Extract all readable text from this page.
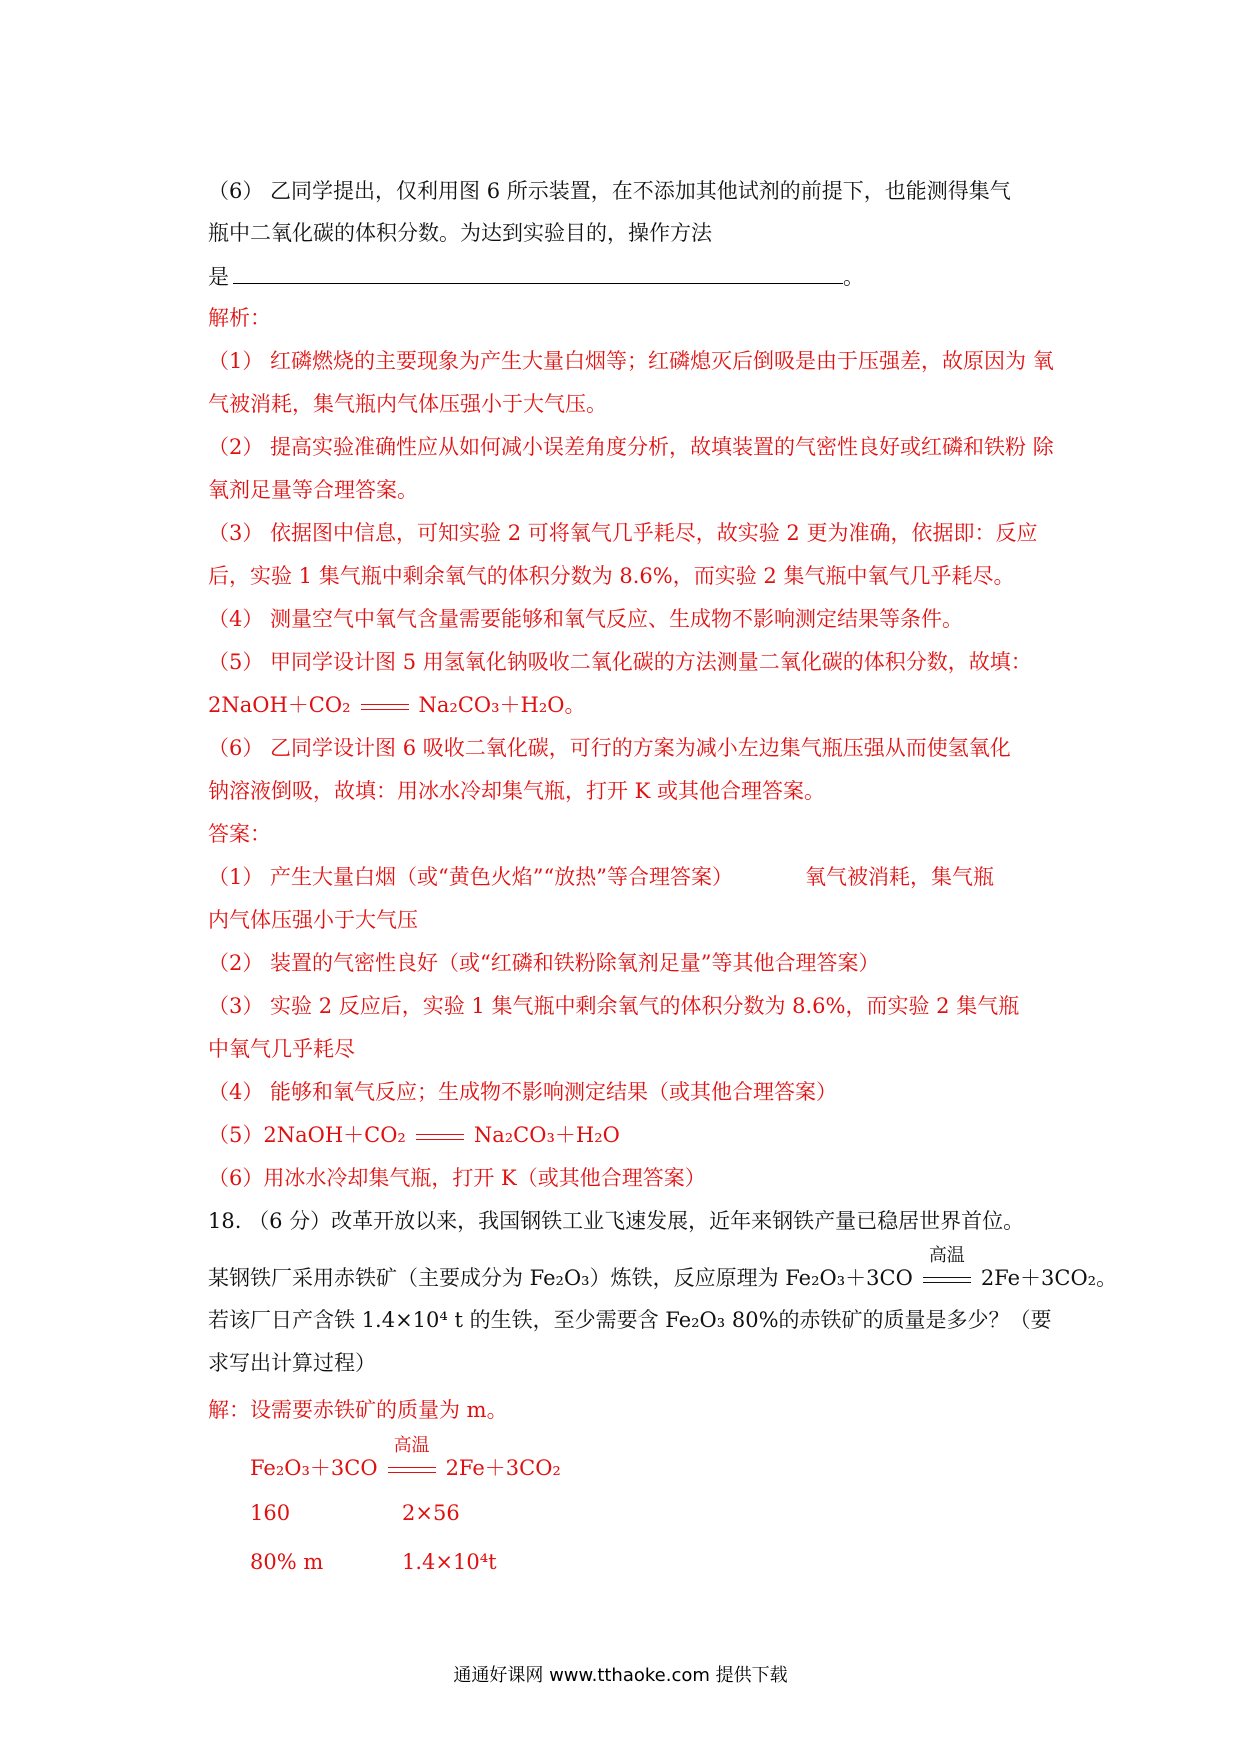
（6） 乙同学提出，仅利用图 6 所示装置，在不添加其他试剂的前提下，也能测得集气
瓶中二氧化碳的体积分数。为达到实验目的，操作方法
是	。
解析：
（1） 红磷燃烧的主要现象为产生大量白烟等；红磷熄灭后倒吸是由于压强差，故原因为 氧
气被消耗，集气瓶内气体压强小于大气压。
（2） 提高实验准确性应从如何减小误差角度分析，故填装置的气密性良好或红磷和铁粉 除
氧剂足量等合理答案。
（3） 依据图中信息，可知实验 2 可将氧气几乎耗尽，故实验 2 更为准确，依据即：反应
后，实验 1 集气瓶中剩余氧气的体积分数为 8.6%，而实验 2 集气瓶中氧气几乎耗尽。
（4） 测量空气中氧气含量需要能够和氧气反应、生成物不影响测定结果等条件。
（5） 甲同学设计图 5 用氢氧化钠吸收二氧化碳的方法测量二氧化碳的体积分数，故填：
2NaOH＋CO₂	Na₂CO₃＋H₂O。
（6） 乙同学设计图 6 吸收二氧化碳，可行的方案为减小左边集气瓶压强从而使氢氧化
钠溶液倒吸，故填：用冰水冷却集气瓶，打开 K 或其他合理答案。
答案：
（1） 产生大量白烟（或“黄色火焰”“放热”等合理答案）	氧气被消耗，集气瓶
内气体压强小于大气压
（2） 装置的气密性良好（或“红磷和铁粉除氧剂足量”等其他合理答案）
（3） 实验 2 反应后，实验 1 集气瓶中剩余氧气的体积分数为 8.6%，而实验 2 集气瓶
中氧气几乎耗尽
（4） 能够和氧气反应；生成物不影响测定结果（或其他合理答案）
（5）2NaOH＋CO₂	Na₂CO₃＋H₂O
（6）用冰水冷却集气瓶，打开 K（或其他合理答案）
18. （6 分）改革开放以来，我国钢铁工业飞速发展，近年来钢铁产量已稳居世界首位。
某钢铁厂采用赤铁矿（主要成分为 Fe₂O₃）炼铁，反应原理为 Fe₂O₃＋3CO
高温
2Fe＋3CO₂。
若该厂日产含铁 1.4×10⁴ t 的生铁，至少需要含 Fe₂O₃ 80%的赤铁矿的质量是多少？（要
求写出计算过程）
解：设需要赤铁矿的质量为 m。
Fe₂O₃＋3CO
高温
2Fe＋3CO₂
160	2×56
80% m	1.4×10⁴t
通通好课网 www.tthaoke.com 提供下载
